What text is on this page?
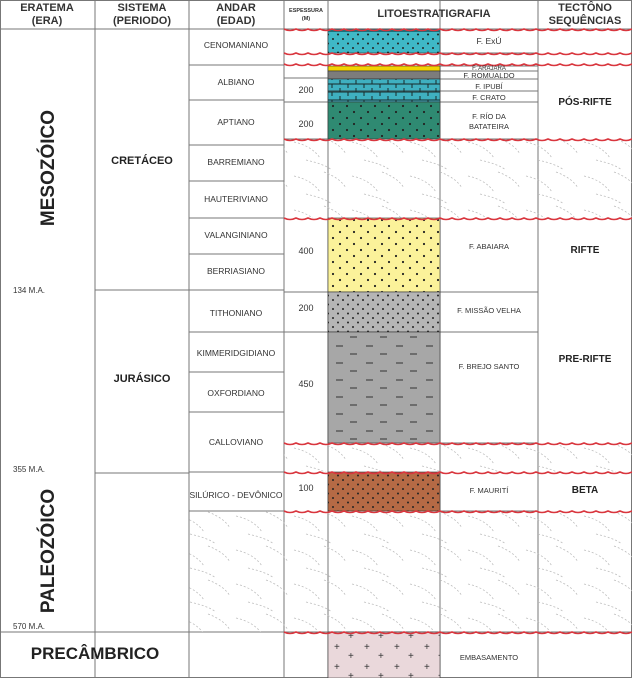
ERATEMA
(ERA)
SISTEMA
(PERIODO)
ANDAR
(EDAD)
ESPESSURA
(M)	LITOESTRATIGRAFIA	TECTÔNO
SEQUÊNCIAS
MESOZÓICO
PALEOZÓICO
PRECÂMBRICO
CRETÁCEO
JURÁSICO
134 M.A.
355 M.A.
570 M.A.
CENOMANIANO
ALBIANO
APTIANO
BARREMIANO
HAUTERIVIANO
VALANGINIANO
BERRIASIANO
TITHONIANO
KIMMERIDGIDIANO
OXFORDIANO
CALLOVIANO
SILÚRICO - DEVÔNICO
200
200
400
200
450
100
F. ExÚ
F. ARAJARA
F. ROMUALDO
F. IPUBÍ
F. CRATO
F. RÍO DA
BATATEIRA
F. ABAIARA
F. MISSÃO VELHA
F. BREJO SANTO
F. MAURITÍ
EMBASAMENTO
PÓS-RIFTE
RIFTE
PRE-RIFTE
BETA
